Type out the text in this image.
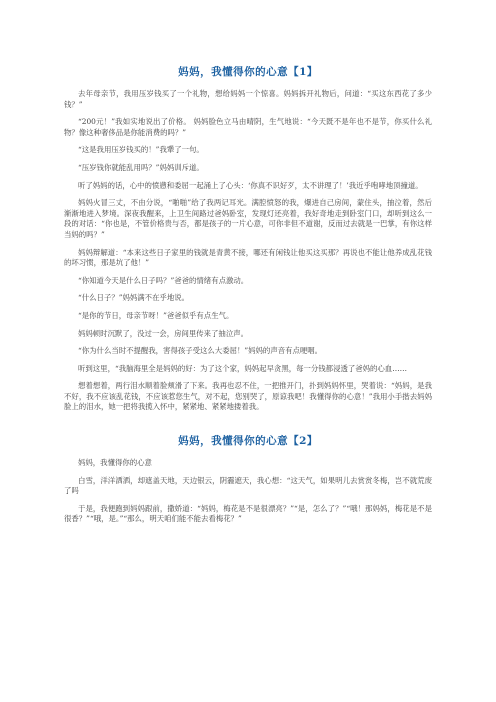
妈妈，我懂得你的心意【1】

去年母亲节，我用压岁钱买了一个礼物，想给妈妈一个惊喜。妈妈拆开礼物后，问道：“买这东西花了多少钱？”

“200元！”我如实地说出了价格。 妈妈脸色立马由晴阴，生气地说：“今天既不是年也不是节，你买什么礼物？像这种奢侈品是你能消费的吗？”

“这是我用压岁钱买的！”我犟了一句。

“压岁钱你就能乱用吗？”妈妈训斥道。

听了妈妈的话，心中的愤懑和委屈一起涌上了心头：‘你真不识好歹，太不讲理了！’我近乎咆哮地顶撞道。

妈妈火冒三丈，不由分说，“啪啪”给了我两记耳光。满腔愤怒的我，爆进自己房间，蒙住头，抽泣着，然后渐渐地进入梦境。深夜我醒来，上卫生间路过爸妈卧室，发现灯还亮着，我好奇地走到卧室门口，却听到这么一段的对话：“你也是，不管价格贵与否，都是孩子的一片心意，可你非但不道谢，反而过去就是一巴掌，有你这样当妈的吗？”

妈妈辩解道：“本来这些日子家里的钱就是青黄不接，哪还有闲钱让他买这买那？再说也不能让他养成乱花钱的坏习惯，那是坑了他！”

“你知道今天是什么日子吗？”爸爸的情绪有点激动。

“什么日子？”妈妈满不在乎地说。

“是你的节日，母亲节呀！”爸爸似乎有点生气。

妈妈顿时沉默了，没过一会，房间里传来了抽泣声。

“你为什么当时不提醒我，害得孩子受这么大委屈！”妈妈的声音有点哽咽。

听到这里，“我脑海里全是妈妈的好：为了这个家，妈妈起早贪黑，每一分钱都浸透了爸妈的心血……

想着想着，两行泪水顺着脸颊滑了下来。我再也忍不住，一把推开门，扑到妈妈怀里，哭着说：“妈妈，是我不好，我不应该乱花钱，不应该惹您生气，对不起，您别哭了，原谅我吧！我懂得你的心意！”我用小手揩去妈妈脸上的泪水，她一把将我揽入怀中，紧紧地、紧紧地搂着我。

妈妈，我懂得你的心意【2】

妈妈，我懂得你的心意

白雪，洋洋洒洒，却遮盖天地，天边银云，阴霾遮天，我心想：“这天气，如果明儿去赏赏冬梅，岂不就荒废了吗

于是，我便跑到妈妈跟前，撒娇道：“妈妈，梅花是不是很漂亮？”“是，怎么了？”“哦！那妈妈，梅花是不是很香？”“哦，是。”“那么，明天咱们能不能去看梅花？”
